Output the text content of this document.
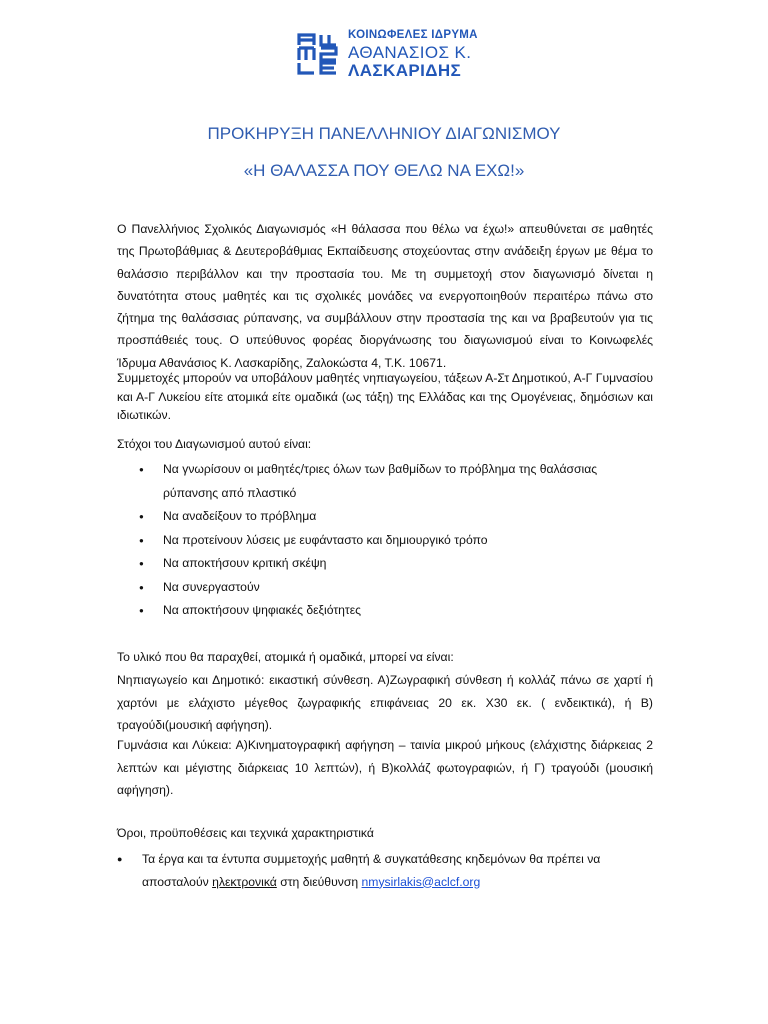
ΚΟΙΝΩΦΕΛΕΣ ΙΔΡΥΜΑ
ΑΘΑΝΑΣΙΟΣ Κ.
ΛΑΣΚΑΡΙΔΗΣ
ΠΡΟΚΗΡΥΞΗ ΠΑΝΕΛΛΗΝΙΟΥ ΔΙΑΓΩΝΙΣΜΟΥ
«Η ΘΑΛΑΣΣΑ ΠΟΥ ΘΕΛΩ ΝΑ ΕΧΩ!»
Ο Πανελλήνιος Σχολικός Διαγωνισμός «Η θάλασσα που θέλω να έχω!» απευθύνεται σε μαθητές της Πρωτοβάθμιας & Δευτεροβάθμιας Εκπαίδευσης στοχεύοντας στην ανάδειξη έργων με θέμα το θαλάσσιο περιβάλλον και την προστασία του. Με τη συμμετοχή στον διαγωνισμό δίνεται η δυνατότητα στους μαθητές και τις σχολικές μονάδες να ενεργοποιηθούν περαιτέρω πάνω στο ζήτημα της θαλάσσιας ρύπανσης, να συμβάλλουν στην προστασία της και να βραβευτούν για τις προσπάθειές τους. Ο υπεύθυνος φορέας διοργάνωσης του διαγωνισμού είναι το Κοινωφελές Ίδρυμα Αθανάσιος Κ. Λασκαρίδης, Ζαλοκώστα 4, Τ.Κ. 10671.
Συμμετοχές μπορούν να υποβάλουν μαθητές νηπιαγωγείου, τάξεων Α-Στ Δημοτικού, Α-Γ Γυμνασίου και Α-Γ Λυκείου είτε ατομικά είτε ομαδικά (ως τάξη) της Ελλάδας και της Ομογένειας, δημόσιων και ιδιωτικών.
Στόχοι του Διαγωνισμού αυτού είναι:
● Να γνωρίσουν οι μαθητές/τριες όλων των βαθμίδων το πρόβλημα της θαλάσσιας ρύπανσης από πλαστικό
● Να αναδείξουν το πρόβλημα
● Να προτείνουν λύσεις με ευφάνταστο και δημιουργικό τρόπο
● Να αποκτήσουν κριτική σκέψη
● Να συνεργαστούν
● Να αποκτήσουν ψηφιακές δεξιότητες
Το υλικό που θα παραχθεί, ατομικά ή ομαδικά, μπορεί να είναι:
Νηπιαγωγείο και Δημοτικό: εικαστική σύνθεση. Α)Ζωγραφική σύνθεση ή κολλάζ πάνω σε χαρτί ή χαρτόνι με ελάχιστο μέγεθος ζωγραφικής επιφάνειας 20 εκ. Χ30 εκ. ( ενδεικτικά), ή Β) τραγούδι(μουσική αφήγηση).
Γυμνάσια και Λύκεια: Α)Κινηματογραφική αφήγηση – ταινία μικρού μήκους (ελάχιστης διάρκειας 2 λεπτών και μέγιστης διάρκειας 10 λεπτών), ή Β)κολλάζ φωτογραφιών, ή Γ) τραγούδι (μουσική αφήγηση).
Όροι, προϋποθέσεις και τεχνικά χαρακτηριστικά
● Τα έργα και τα έντυπα συμμετοχής μαθητή & συγκατάθεσης κηδεμόνων θα πρέπει να αποσταλούν ηλεκτρονικά στη διεύθυνση nmysirlakis@aclcf.org
